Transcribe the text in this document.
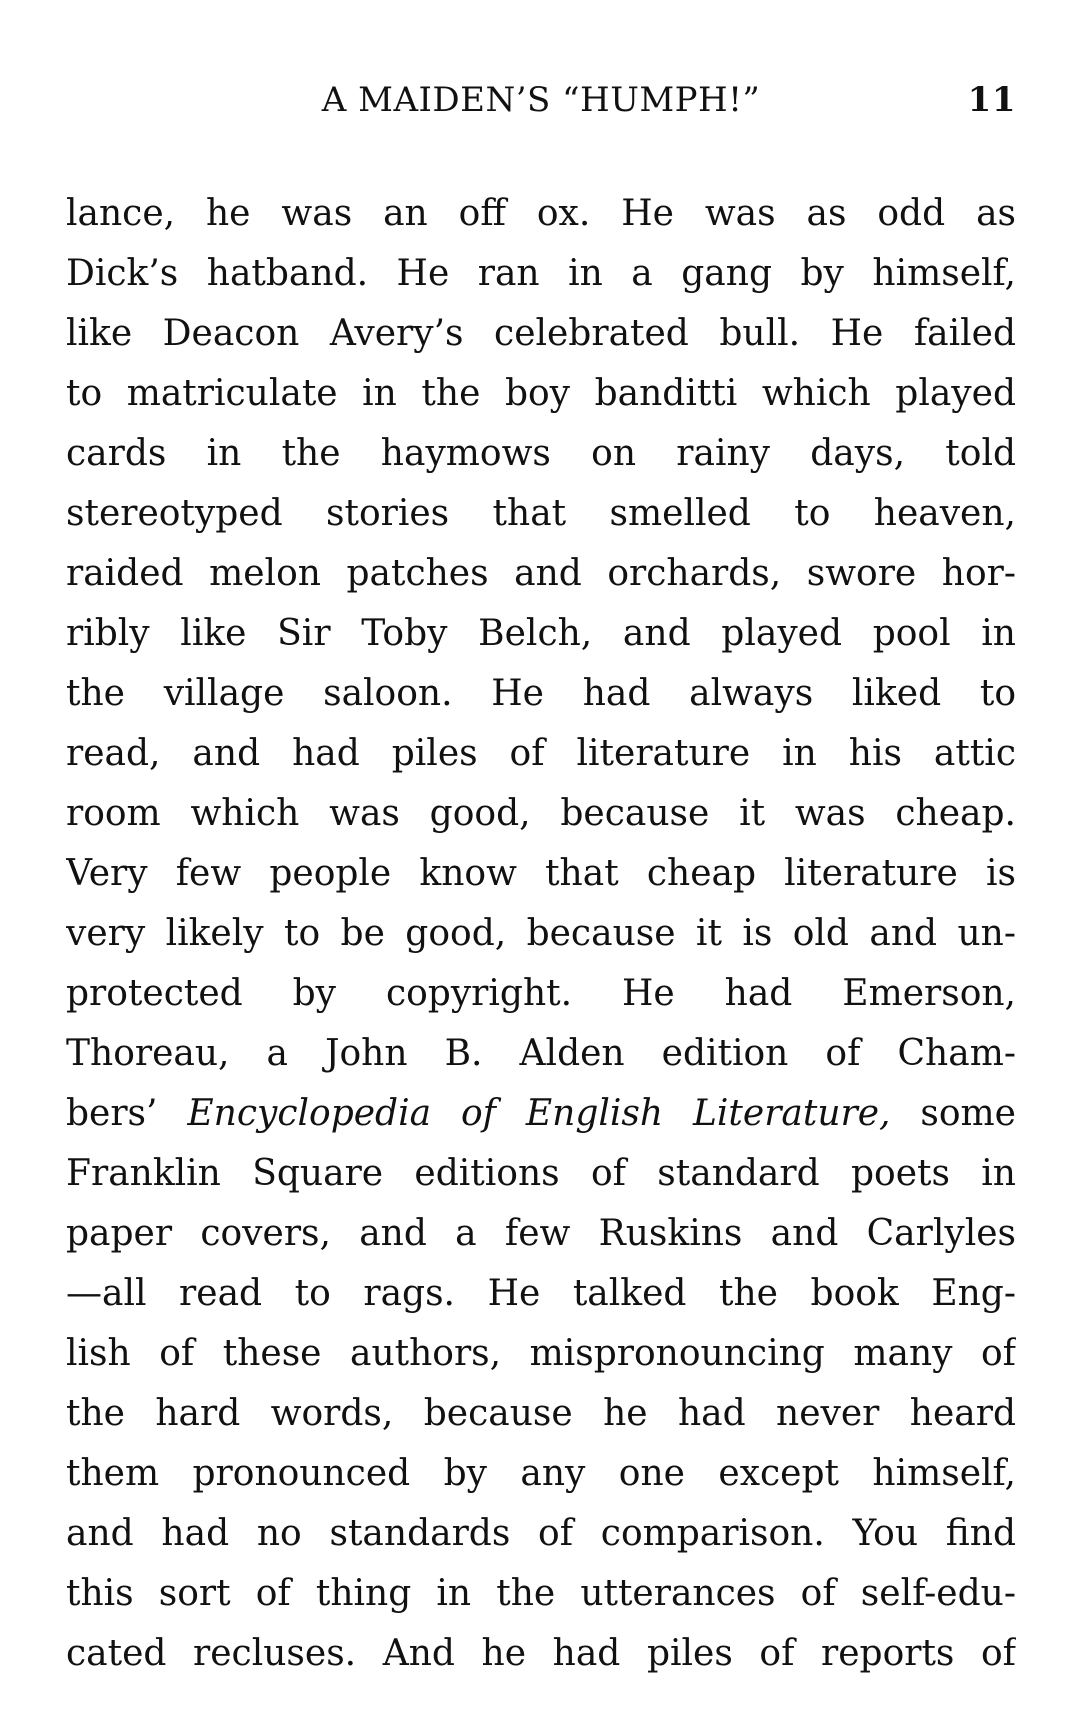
A MAIDEN’S “HUMPH!”	11
lance, he was an off ox. He was as odd as
Dick’s hatband. He ran in a gang by himself,
like Deacon Avery’s celebrated bull. He failed
to matriculate in the boy banditti which played
cards in the haymows on rainy days, told
stereotyped stories that smelled to heaven,
raided melon patches and orchards, swore hor-
ribly like Sir Toby Belch, and played pool in
the village saloon. He had always liked to
read, and had piles of literature in his attic
room which was good, because it was cheap.
Very few people know that cheap literature is
very likely to be good, because it is old and un-
protected by copyright. He had Emerson,
Thoreau, a John B. Alden edition of Cham-
bers’ Encyclopedia of English Literature, some
Franklin Square editions of standard poets in
paper covers, and a few Ruskins and Carlyles
—all read to rags. He talked the book Eng-
lish of these authors, mispronouncing many of
the hard words, because he had never heard
them pronounced by any one except himself,
and had no standards of comparison. You find
this sort of thing in the utterances of self-edu-
cated recluses. And he had piles of reports of
